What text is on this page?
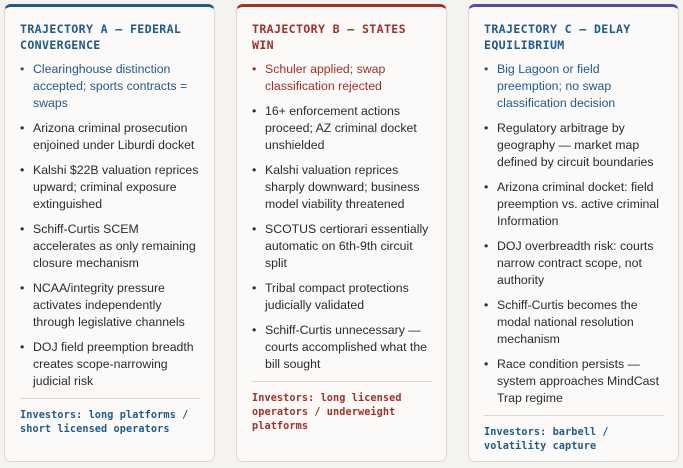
TRAJECTORY A — FEDERAL CONVERGENCE
• Clearinghouse distinction accepted; sports contracts = swaps
• Arizona criminal prosecution enjoined under Liburdi docket
• Kalshi $22B valuation reprices upward; criminal exposure extinguished
• Schiff-Curtis SCEM accelerates as only remaining closure mechanism
• NCAA/integrity pressure activates independently through legislative channels
• DOJ field preemption breadth creates scope-narrowing judicial risk
Investors: long platforms / short licensed operators
TRAJECTORY B — STATES WIN
• Schuler applied; swap classification rejected
• 16+ enforcement actions proceed; AZ criminal docket unshielded
• Kalshi valuation reprices sharply downward; business model viability threatened
• SCOTUS certiorari essentially automatic on 6th-9th circuit split
• Tribal compact protections judicially validated
• Schiff-Curtis unnecessary — courts accomplished what the bill sought
Investors: long licensed operators / underweight platforms
TRAJECTORY C — DELAY EQUILIBRIUM
• Big Lagoon or field preemption; no swap classification decision
• Regulatory arbitrage by geography — market map defined by circuit boundaries
• Arizona criminal docket: field preemption vs. active criminal Information
• DOJ overbreadth risk: courts narrow contract scope, not authority
• Schiff-Curtis becomes the modal national resolution mechanism
• Race condition persists — system approaches MindCast Trap regime
Investors: barbell / volatility capture
